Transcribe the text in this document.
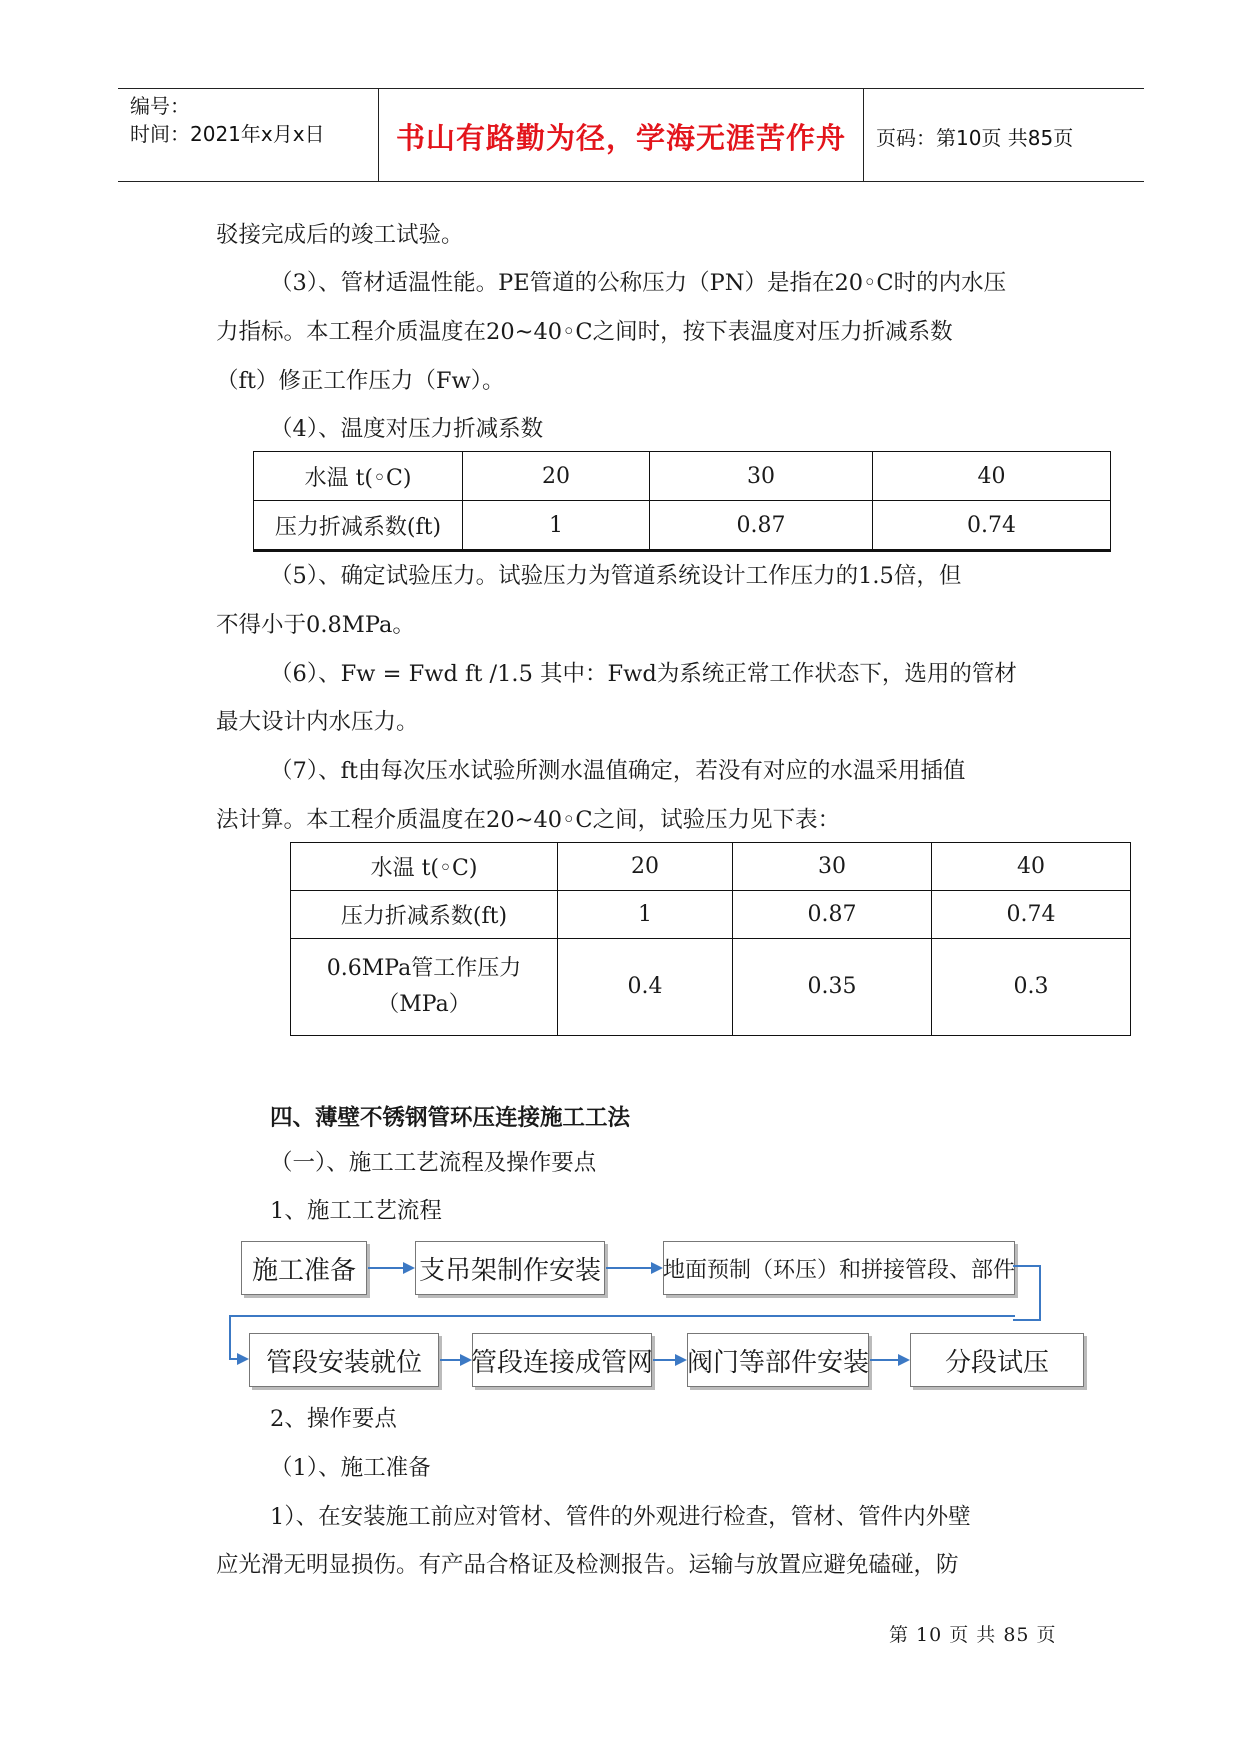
编号：
时间：2021年x月x日	书山有路勤为径，学海无涯苦作舟	页码：第10页 共85页
驳接完成后的竣工试验。
（3）、管材适温性能。PE管道的公称压力（PN）是指在20◦C时的内水压
力指标。本工程介质温度在20~40◦C之间时，按下表温度对压力折减系数
（ft）修正工作压力（Fw）。
（4）、温度对压力折减系数
水温 t(◦C)	20	30	40
压力折减系数(ft)	1	0.87	0.74
（5）、确定试验压力。试验压力为管道系统设计工作压力的1.5倍，但
不得小于0.8MPa。
（6）、Fw = Fwd ft /1.5 其中：Fwd为系统正常工作状态下，选用的管材
最大设计内水压力。
（7）、ft由每次压水试验所测水温值确定，若没有对应的水温采用插值
法计算。本工程介质温度在20~40◦C之间，试验压力见下表：
水温 t(◦C)	20	30	40
压力折减系数(ft)	1	0.87	0.74

0.6MPa管工作压力
（MPa）	0.4	0.35	0.3
四、薄壁不锈钢管环压连接施工工法
（一）、施工工艺流程及操作要点
1、施工工艺流程
施工准备	支吊架制作安装	地面预制（环压）和拼接管段、部件
管段安装就位	管段连接成管网 阀门等部件安装	分段试压
2、操作要点
（1）、施工准备
1）、在安装施工前应对管材、管件的外观进行检查，管材、管件内外壁
应光滑无明显损伤。有产品合格证及检测报告。运输与放置应避免磕碰，防
第 10 页 共 85 页
